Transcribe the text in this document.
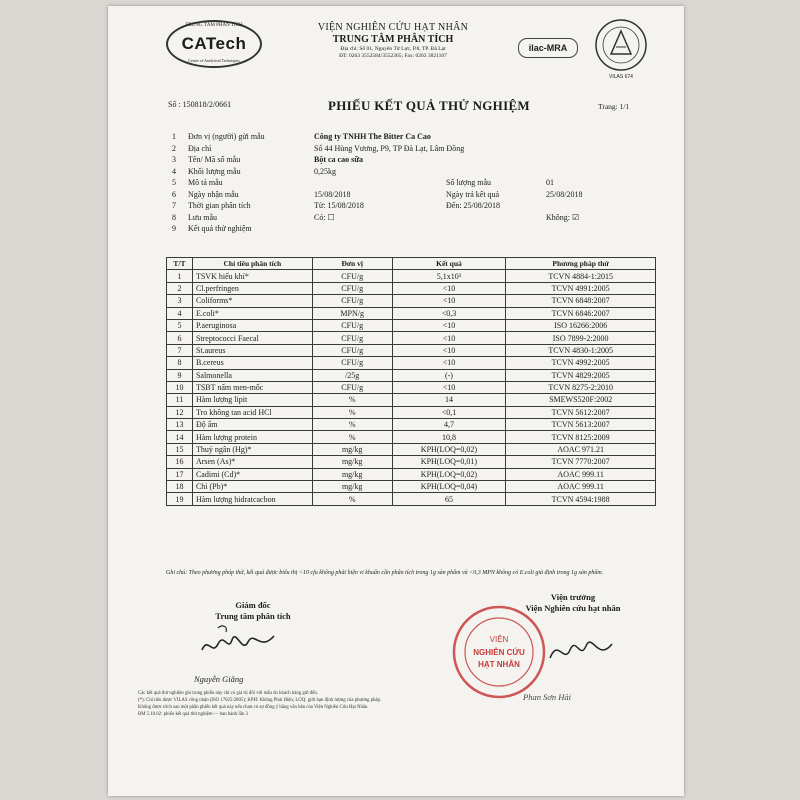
TRUNG TÂM PHÂN TÍCH
CATech
Center of Analytical Techniques
VIỆN NGHIÊN CỨU HẠT NHÂN
TRUNG TÂM PHÂN TÍCH
Địa chỉ: Số 01, Nguyên Tử Lực, P.8, TP. Đà Lạt
ĐT: 0263 3552584/3552365; Fax: 0263 3821107
ilac-MRA
VILAS 674
Số : 150818/2/0661	PHIẾU KẾT QUẢ THỬ NGHIỆM	Trang: 1/1
1 Đơn vị (người) gửi mẫu	Công ty TNHH The Bitter Ca Cao
2 Địa chỉ	Số 44 Hùng Vương, P9, TP Đà Lạt, Lâm Đồng
3 Tên/ Mã số mẫu	Bột ca cao sữa
4 Khối lượng mẫu	0,25kg
5 Mô tả mẫu	Số lượng mẫu	01
6 Ngày nhận mẫu	15/08/2018	Ngày trả kết quả	25/08/2018
7 Thời gian phân tích	Từ: 15/08/2018	Đến: 25/08/2018
8 Lưu mẫu	Có: ☐	Không: ☑
9 Kết quả thử nghiệm
T/T	Chỉ tiêu phân tích	Đơn vị	Kết quả	Phương pháp thử
1	TSVK hiếu khí*	CFU/g	5,1x10³	TCVN 4884-1:2015
2	Cl.perfringen	CFU/g	<10	TCVN 4991:2005
3	Coliforms*	CFU/g	<10	TCVN 6848:2007
4	E.coli*	MPN/g	<0,3	TCVN 6846:2007
5	P.aeruginosa	CFU/g	<10	ISO 16266:2006
6	Streptococci Faecal	CFU/g	<10	ISO 7899-2:2000
7	St.aureus	CFU/g	<10	TCVN 4830-1:2005
8	B.cereus	CFU/g	<10	TCVN 4992:2005
9	Salmonella	/25g	(-)	TCVN 4829:2005
10	TSBT nấm men-mốc	CFU/g	<10	TCVN 8275-2:2010
11	Hàm lượng lipit	%	14	SMEWS520F:2002
12	Tro không tan acid HCl	%	<0,1	TCVN 5612:2007
13	Độ ẩm	%	4,7	TCVN 5613:2007
14	Hàm lượng protein	%	10,8	TCVN 8125:2009
15	Thuỷ ngân (Hg)*	mg/kg	KPH(LOQ=0,02)	AOAC 971.21
16	Arsen (As)*	mg/kg	KPH(LOQ=0,01)	TCVN 7770:2007
17	Cadimi (Cd)*	mg/kg	KPH(LOQ=0,02)	AOAC 999.11
18	Chì (Pb)*	mg/kg	KPH(LOQ=0,04)	AOAC 999.11
19	Hàm lượng hidratcacbon	%	65	TCVN 4594:1988
Ghi chú: Theo phương pháp thử, kết quả được biểu thị <10 cfu không phát hiện vi khuẩn cần phân tích trong 1g sản phẩm và <0,3 MPN không có E.coli giả định trong 1g sản phẩm.
Giám đốc
Trung tâm phân tích
Nguyễn Giằng
Viện trưởng
Viện Nghiên cứu hạt nhân
VIỆN
NGHIÊN CỨU
HẠT NHÂN
Phan Sơn Hải
Các kết quả thử nghiệm ghi trong phiếu này chỉ có giá trị đối với mẫu do khách hàng gửi đến.
(*): Chỉ tiêu được VILAS công nhận (ISO 17025:2005); KPH: Không Phát Hiện; LOQ: giới hạn định lượng của phương pháp.
Không được trích sao một phần phiếu kết quả này nếu chưa có sự đồng ý bằng văn bản của Viện Nghiên Cứu Hạt Nhân.
BM 5.10.02: phiếu kết quả thử nghiệm — ban hành lần 3
